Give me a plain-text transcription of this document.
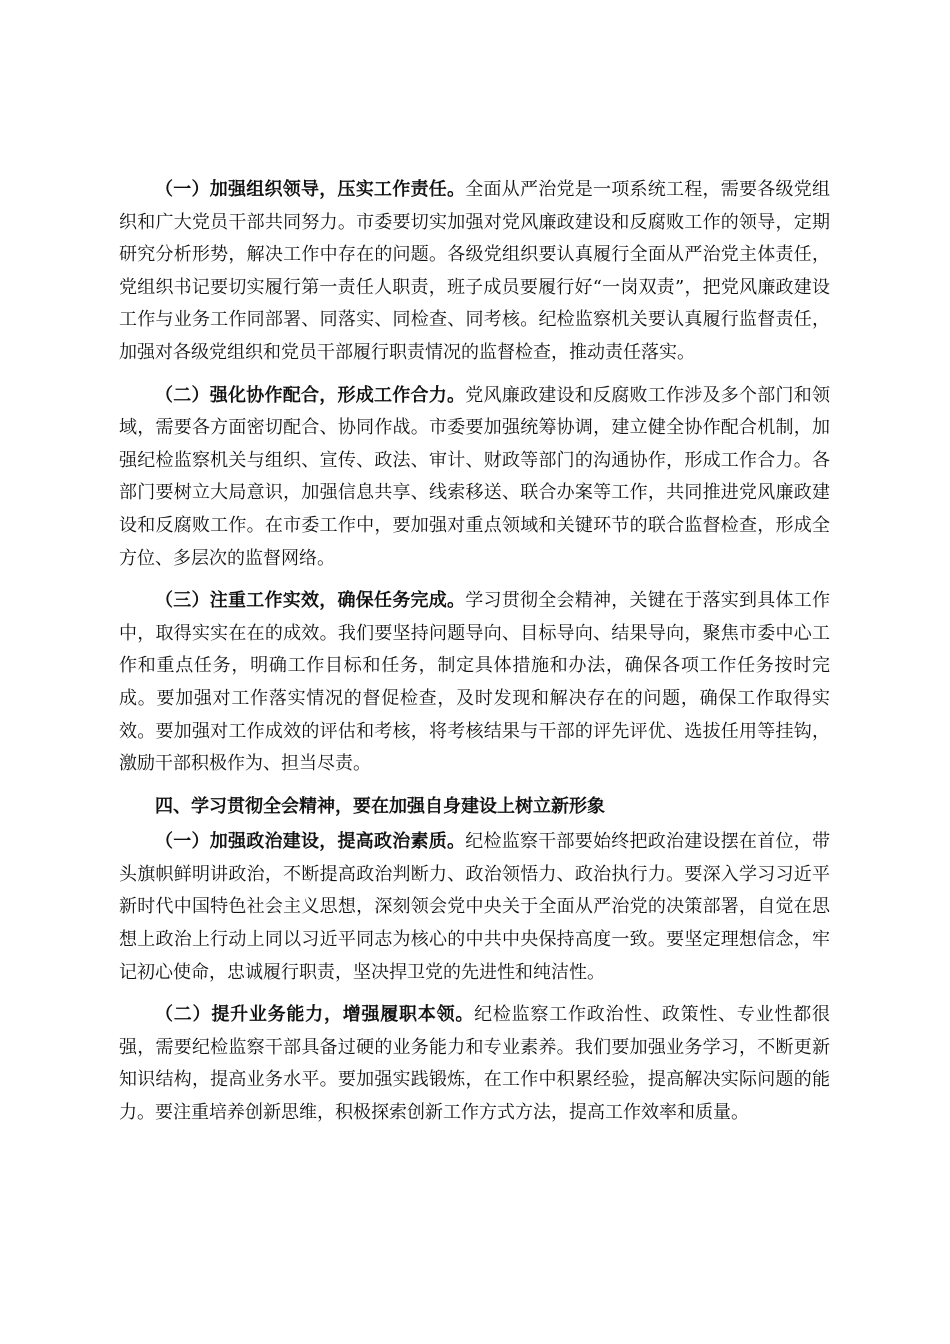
（一）加强组织领导，压实工作责任。全面从严治党是一项系统工程，需要各级党组织和广大党员干部共同努力。市委要切实加强对党风廉政建设和反腐败工作的领导，定期研究分析形势，解决工作中存在的问题。各级党组织要认真履行全面从严治党主体责任，党组织书记要切实履行第一责任人职责，班子成员要履行好“一岗双责”，把党风廉政建设工作与业务工作同部署、同落实、同检查、同考核。纪检监察机关要认真履行监督责任，加强对各级党组织和党员干部履行职责情况的监督检查，推动责任落实。

（二）强化协作配合，形成工作合力。党风廉政建设和反腐败工作涉及多个部门和领域，需要各方面密切配合、协同作战。市委要加强统筹协调，建立健全协作配合机制，加强纪检监察机关与组织、宣传、政法、审计、财政等部门的沟通协作，形成工作合力。各部门要树立大局意识，加强信息共享、线索移送、联合办案等工作，共同推进党风廉政建设和反腐败工作。在市委工作中，要加强对重点领域和关键环节的联合监督检查，形成全方位、多层次的监督网络。

（三）注重工作实效，确保任务完成。学习贯彻全会精神，关键在于落实到具体工作中，取得实实在在的成效。我们要坚持问题导向、目标导向、结果导向，聚焦市委中心工作和重点任务，明确工作目标和任务，制定具体措施和办法，确保各项工作任务按时完成。要加强对工作落实情况的督促检查，及时发现和解决存在的问题，确保工作取得实效。要加强对工作成效的评估和考核，将考核结果与干部的评先评优、选拔任用等挂钩，激励干部积极作为、担当尽责。

四、学习贯彻全会精神，要在加强自身建设上树立新形象

（一）加强政治建设，提高政治素质。纪检监察干部要始终把政治建设摆在首位，带头旗帜鲜明讲政治，不断提高政治判断力、政治领悟力、政治执行力。要深入学习习近平新时代中国特色社会主义思想，深刻领会党中央关于全面从严治党的决策部署，自觉在思想上政治上行动上同以习近平同志为核心的中共中央保持高度一致。要坚定理想信念，牢记初心使命，忠诚履行职责，坚决捍卫党的先进性和纯洁性。

（二）提升业务能力，增强履职本领。纪检监察工作政治性、政策性、专业性都很强，需要纪检监察干部具备过硬的业务能力和专业素养。我们要加强业务学习，不断更新知识结构，提高业务水平。要加强实践锻炼，在工作中积累经验，提高解决实际问题的能力。要注重培养创新思维，积极探索创新工作方式方法，提高工作效率和质量。
